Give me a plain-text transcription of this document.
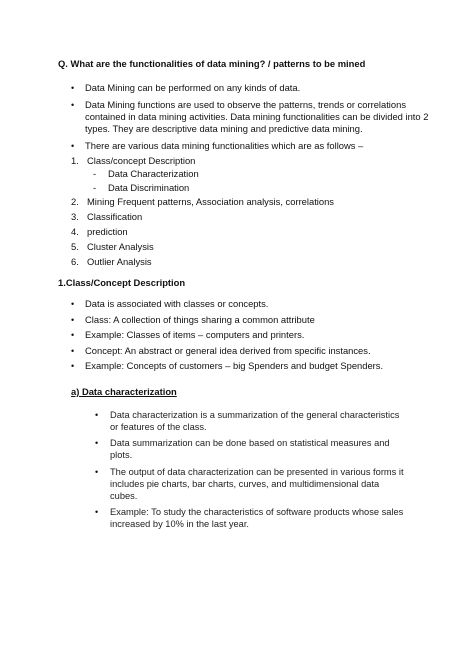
Q. What are the functionalities of data mining? / patterns to be mined
• Data Mining can be performed on any kinds of data.
• Data Mining functions are used to observe the patterns, trends or correlations
contained in data mining activities. Data mining functionalities can be divided into 2
types. They are descriptive data mining and predictive data mining.
• There are various data mining functionalities which are as follows –
1. Class/concept Description
- Data Characterization
- Data Discrimination
2. Mining Frequent patterns, Association analysis, correlations
3. Classification
4. prediction
5. Cluster Analysis
6. Outlier Analysis
1.Class/Concept Description
• Data is associated with classes or concepts.
• Class: A collection of things sharing a common attribute
• Example: Classes of items – computers and printers.
• Concept: An abstract or general idea derived from specific instances.
• Example: Concepts of customers – big Spenders and budget Spenders.
a) Data characterization
• Data characterization is a summarization of the general characteristics
or features of the class.
• Data summarization can be done based on statistical measures and
plots.
• The output of data characterization can be presented in various forms it
includes pie charts, bar charts, curves, and multidimensional data
cubes.
• Example: To study the characteristics of software products whose sales
increased by 10% in the last year.
